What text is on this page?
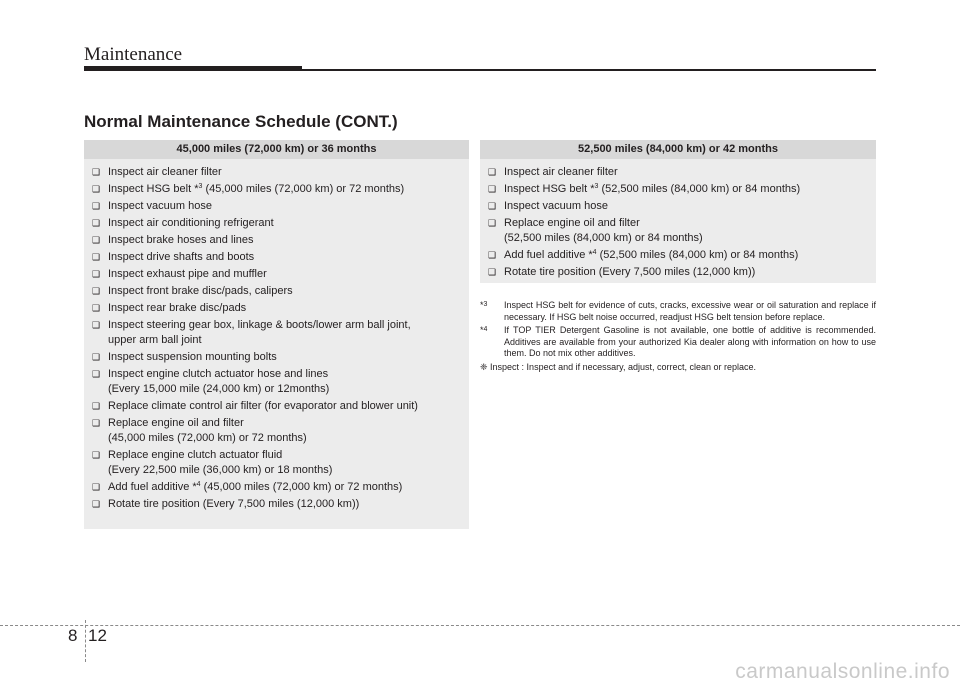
Maintenance
Normal Maintenance Schedule (CONT.)
45,000 miles (72,000 km) or 36 months
❑ Inspect air cleaner filter
❑ Inspect HSG belt *$^3$ (45,000 miles (72,000 km) or 72 months)
❑ Inspect vacuum hose
❑ Inspect air conditioning refrigerant
❑ Inspect brake hoses and lines
❑ Inspect drive shafts and boots
❑ Inspect exhaust pipe and muffler
❑ Inspect front brake disc/pads, calipers
❑ Inspect rear brake disc/pads
❑ Inspect steering gear box, linkage & boots/lower arm ball joint,
upper arm ball joint
❑ Inspect suspension mounting bolts
❑ Inspect engine clutch actuator hose and lines
(Every 15,000 mile (24,000 km) or 12months)
❑ Replace climate control air filter (for evaporator and blower unit)
❑ Replace engine oil and filter
(45,000 miles (72,000 km) or 72 months)
❑ Replace engine clutch actuator fluid
(Every 22,500 mile (36,000 km) or 18 months)
❑ Add fuel additive *$^4$ (45,000 miles (72,000 km) or 72 months)
❑ Rotate tire position (Every 7,500 miles (12,000 km))
52,500 miles (84,000 km) or 42 months
❑ Inspect air cleaner filter
❑ Inspect HSG belt *$^3$ (52,500 miles (84,000 km) or 84 months)
❑ Inspect vacuum hose
❑ Replace engine oil and filter
(52,500 miles (84,000 km) or 84 months)
❑ Add fuel additive *$^4$ (52,500 miles (84,000 km) or 84 months)
❑ Rotate tire position (Every 7,500 miles (12,000 km))
*$^3$	Inspect HSG belt for evidence of cuts, cracks, excessive wear or oil saturation and replace if necessary. If HSG belt noise occurred, readjust HSG belt tension before replace.
*$^4$	If TOP TIER Detergent Gasoline is not available, one bottle of additive is recommended. Additives are available from your authorized Kia dealer along with information on how to use them. Do not mix other additives.
❈ Inspect : Inspect and if necessary, adjust, correct, clean or replace.
8 12
carmanualsonline.info
